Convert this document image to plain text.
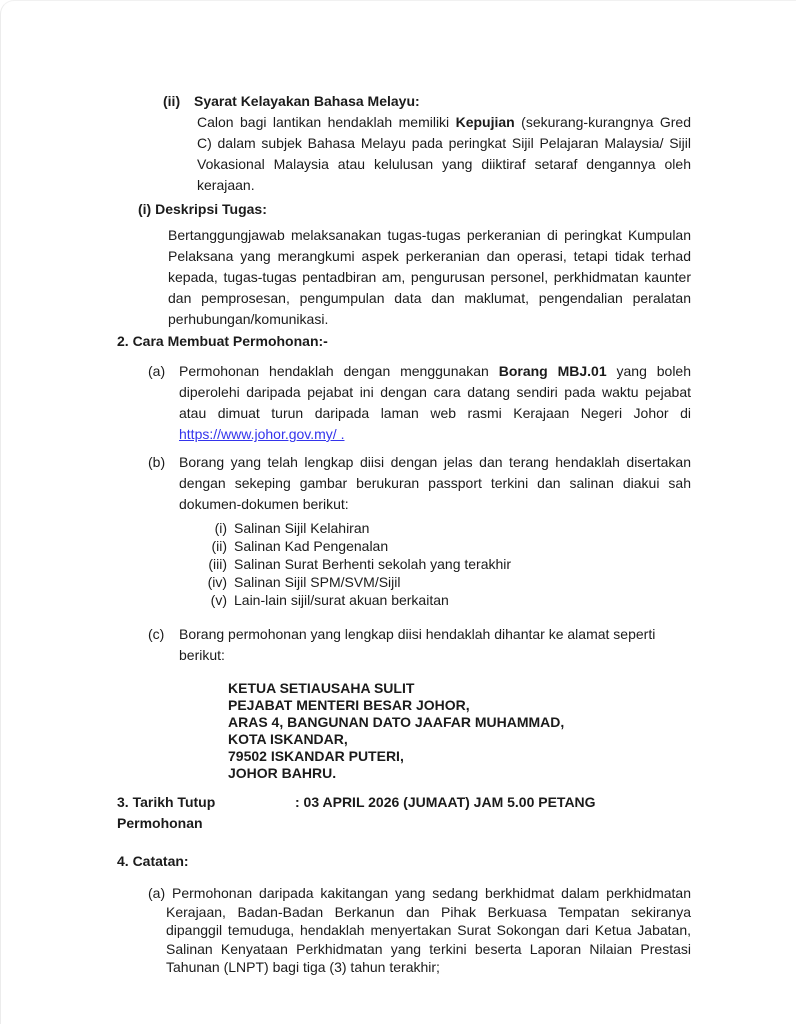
(ii) Syarat Kelayakan Bahasa Melayu:

Calon bagi lantikan hendaklah memiliki Kepujian (sekurang-kurangnya Gred C) dalam subjek Bahasa Melayu pada peringkat Sijil Pelajaran Malaysia/ Sijil Vokasional Malaysia atau kelulusan yang diiktiraf setaraf dengannya oleh kerajaan.

(i) Deskripsi Tugas:

Bertanggungjawab melaksanakan tugas-tugas perkeranian di peringkat Kumpulan Pelaksana yang merangkumi aspek perkeranian dan operasi, tetapi tidak terhad kepada, tugas-tugas pentadbiran am, pengurusan personel, perkhidmatan kaunter dan pemprosesan, pengumpulan data dan maklumat, pengendalian peralatan perhubungan/komunikasi.

2. Cara Membuat Permohonan:-
(a) Permohonan hendaklah dengan menggunakan Borang MBJ.01 yang boleh diperolehi daripada pejabat ini dengan cara datang sendiri pada waktu pejabat atau dimuat turun daripada laman web rasmi Kerajaan Negeri Johor di https://www.johor.gov.my/ .

(b) Borang yang telah lengkap diisi dengan jelas dan terang hendaklah disertakan dengan sekeping gambar berukuran passport terkini dan salinan diakui sah dokumen-dokumen berikut:

(i) Salinan Sijil Kelahiran
(ii) Salinan Kad Pengenalan
(iii) Salinan Surat Berhenti sekolah yang terakhir
(iv) Salinan Sijil SPM/SVM/Sijil
(v) Lain-lain sijil/surat akuan berkaitan
(c)	Borang permohonan yang lengkap diisi hendaklah dihantar ke alamat seperti berikut:

KETUA SETIAUSAHA SULIT
PEJABAT MENTERI BESAR JOHOR,
ARAS 4, BANGUNAN DATO JAAFAR MUHAMMAD,
KOTA ISKANDAR,
79502 ISKANDAR PUTERI,
JOHOR BAHRU.
3. Tarikh Tutup Permohonan
: 03 APRIL 2026 (JUMAAT) JAM 5.00 PETANG
4. Catatan:

(a) Permohonan daripada kakitangan yang sedang berkhidmat dalam perkhidmatan Kerajaan, Badan-Badan Berkanun dan Pihak Berkuasa Tempatan sekiranya dipanggil temuduga, hendaklah menyertakan Surat Sokongan dari Ketua Jabatan, Salinan Kenyataan Perkhidmatan yang terkini beserta Laporan Nilaian Prestasi Tahunan (LNPT) bagi tiga (3) tahun terakhir;
